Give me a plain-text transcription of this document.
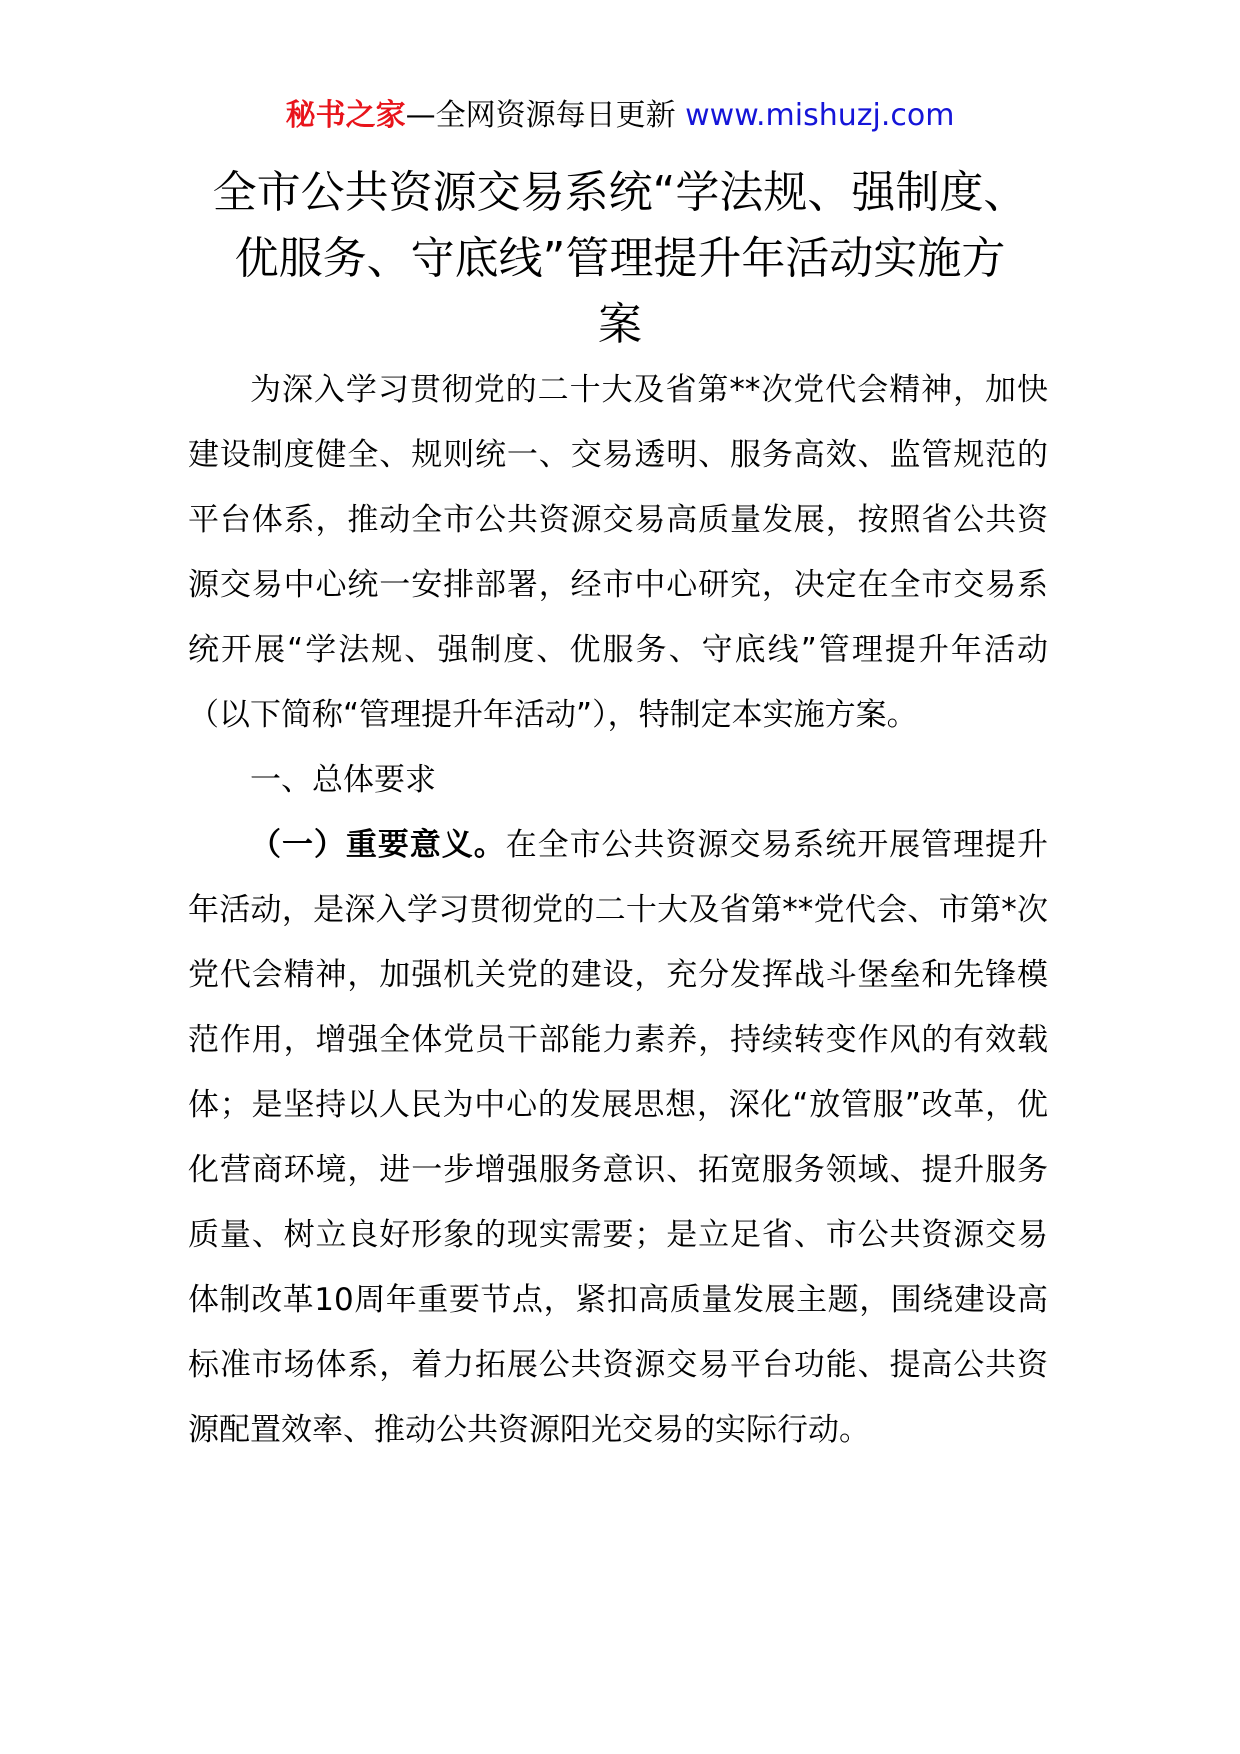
秘书之家—全网资源每日更新 www.mishuzj.com
全市公共资源交易系统“学法规、强制度、
优服务、守底线”管理提升年活动实施方
案

为深入学习贯彻党的二十大及省第**次党代会精神，加快建设制度健全、规则统一、交易透明、服务高效、监管规范的平台体系，推动全市公共资源交易高质量发展，按照省公共资源交易中心统一安排部署，经市中心研究，决定在全市交易系统开展“学法规、强制度、优服务、守底线”管理提升年活动（以下简称“管理提升年活动”），特制定本实施方案。

一、总体要求

（一）重要意义。在全市公共资源交易系统开展管理提升年活动，是深入学习贯彻党的二十大及省第**党代会、市第*次党代会精神，加强机关党的建设，充分发挥战斗堡垒和先锋模范作用，增强全体党员干部能力素养，持续转变作风的有效载体；是坚持以人民为中心的发展思想，深化“放管服”改革，优化营商环境，进一步增强服务意识、拓宽服务领域、提升服务质量、树立良好形象的现实需要；是立足省、市公共资源交易体制改革10周年重要节点，紧扣高质量发展主题，围绕建设高标准市场体系，着力拓展公共资源交易平台功能、提高公共资源配置效率、推动公共资源阳光交易的实际行动。
